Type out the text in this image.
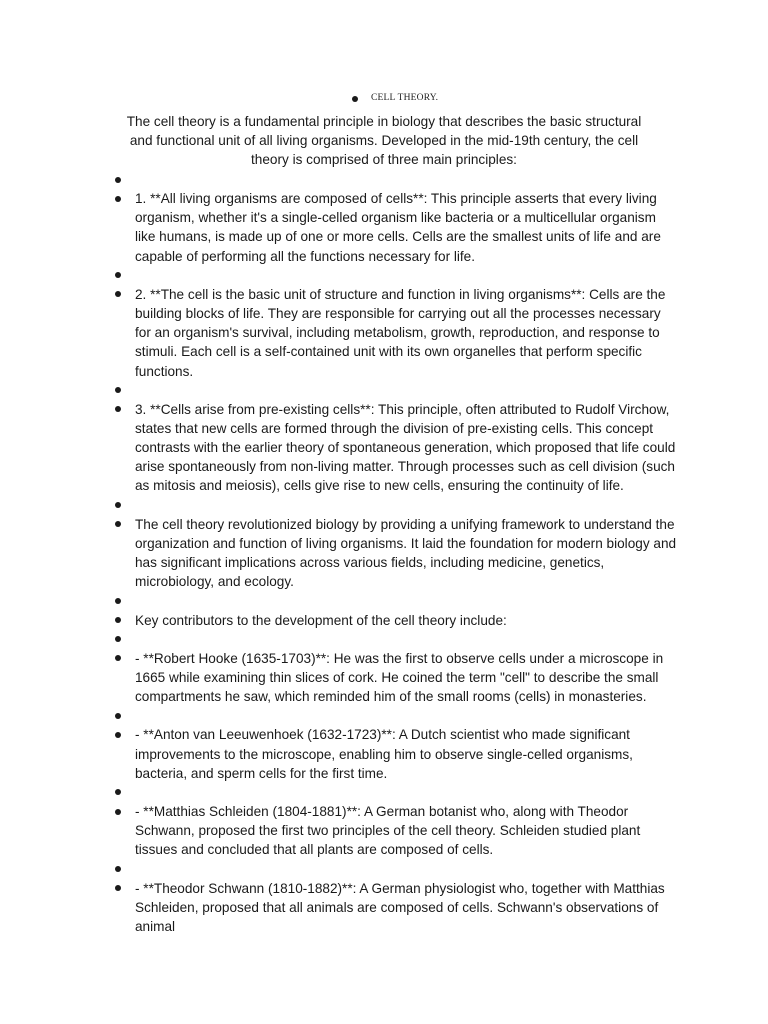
CELL THEORY.
The cell theory is a fundamental principle in biology that describes the basic structural and functional unit of all living organisms. Developed in the mid-19th century, the cell theory is comprised of three main principles:
1. **All living organisms are composed of cells**: This principle asserts that every living organism, whether it's a single-celled organism like bacteria or a multicellular organism like humans, is made up of one or more cells. Cells are the smallest units of life and are capable of performing all the functions necessary for life.
2. **The cell is the basic unit of structure and function in living organisms**: Cells are the building blocks of life. They are responsible for carrying out all the processes necessary for an organism's survival, including metabolism, growth, reproduction, and response to stimuli. Each cell is a self-contained unit with its own organelles that perform specific functions.
3. **Cells arise from pre-existing cells**: This principle, often attributed to Rudolf Virchow, states that new cells are formed through the division of pre-existing cells. This concept contrasts with the earlier theory of spontaneous generation, which proposed that life could arise spontaneously from non-living matter. Through processes such as cell division (such as mitosis and meiosis), cells give rise to new cells, ensuring the continuity of life.
The cell theory revolutionized biology by providing a unifying framework to understand the organization and function of living organisms. It laid the foundation for modern biology and has significant implications across various fields, including medicine, genetics, microbiology, and ecology.
Key contributors to the development of the cell theory include:
- **Robert Hooke (1635-1703)**: He was the first to observe cells under a microscope in 1665 while examining thin slices of cork. He coined the term "cell" to describe the small compartments he saw, which reminded him of the small rooms (cells) in monasteries.
- **Anton van Leeuwenhoek (1632-1723)**: A Dutch scientist who made significant improvements to the microscope, enabling him to observe single-celled organisms, bacteria, and sperm cells for the first time.
- **Matthias Schleiden (1804-1881)**: A German botanist who, along with Theodor Schwann, proposed the first two principles of the cell theory. Schleiden studied plant tissues and concluded that all plants are composed of cells.
- **Theodor Schwann (1810-1882)**: A German physiologist who, together with Matthias Schleiden, proposed that all animals are composed of cells. Schwann's observations of animal
